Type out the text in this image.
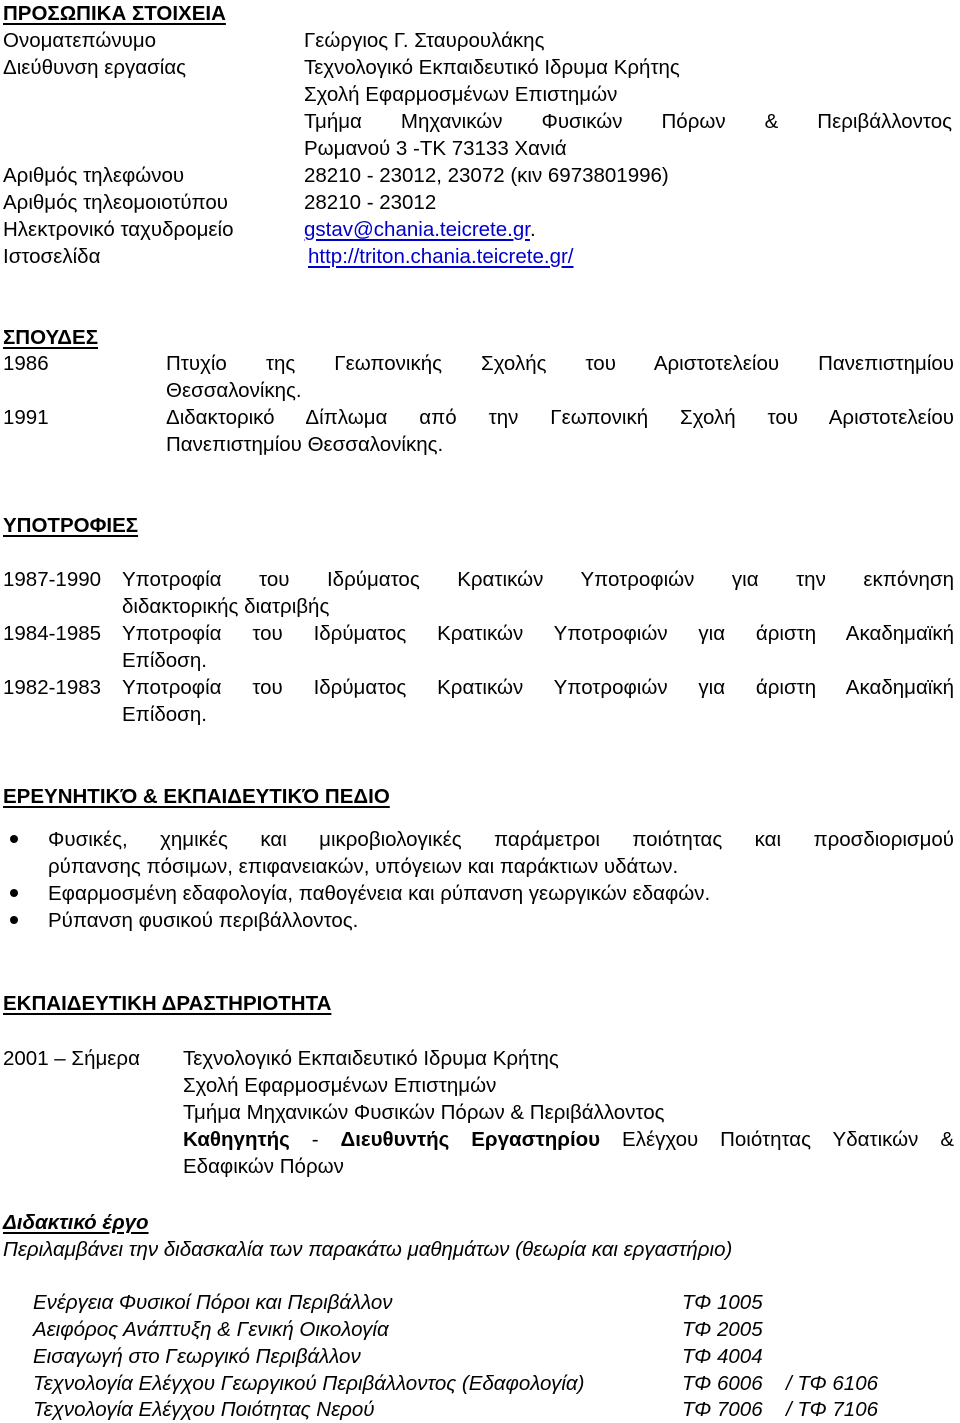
ΠΡΟΣΩΠΙΚΑ ΣΤΟΙΧΕΙΑ
Ονοματεπώνυμο	Γεώργιος Γ. Σταυρουλάκης
Διεύθυνση εργασίας	Τεχνολογικό Εκπαιδευτικό Ιδρυμα Κρήτης
Σχολή Εφαρμοσμένων Επιστημών
Τμήμα Μηχανικών Φυσικών Πόρων & Περιβάλλοντος
Ρωμανού 3 -ΤΚ 73133 Χανιά
Αριθμός τηλεφώνου	28210 - 23012, 23072 (κιν 6973801996)
Αριθμός τηλεομοιοτύπου	28210 - 23012
Ηλεκτρονικό ταχυδρομείο	gstav@chania.teicrete.gr.
Ιστοσελίδα	http://triton.chania.teicrete.gr/
ΣΠΟΥΔΕΣ
1986	Πτυχίο της Γεωπονικής Σχολής του Αριστοτελείου Πανεπιστημίου
Θεσσαλονίκης.
1991	Διδακτορικό Δίπλωμα από την Γεωπονική Σχολή του Αριστοτελείου
Πανεπιστημίου Θεσσαλονίκης.
ΥΠΟΤΡΟΦΙΕΣ
1987-1990 Υποτροφία του Ιδρύματος Κρατικών Υποτροφιών για την εκπόνηση
διδακτορικής διατριβής
1984-1985 Υποτροφία του Ιδρύματος Κρατικών Υποτροφιών για άριστη Ακαδημαϊκή
Επίδοση.
1982-1983 Υποτροφία του Ιδρύματος Κρατικών Υποτροφιών για άριστη Ακαδημαϊκή
Επίδοση.
ΕΡΕΥΝΗΤΙΚΌ & ΕΚΠΑΙΔΕΥΤΙΚΌ ΠΕΔΙΟ
Φυσικές, χημικές και μικροβιολογικές παράμετροι ποιότητας και προσδιορισμού
ρύπανσης πόσιμων, επιφανειακών, υπόγειων και παράκτιων υδάτων.
Εφαρμοσμένη εδαφολογία, παθογένεια και ρύπανση γεωργικών εδαφών.
Ρύπανση φυσικού περιβάλλοντος.
ΕΚΠΑΙΔΕΥΤΙΚΗ ΔΡΑΣΤΗΡΙΟΤΗΤΑ
2001 – Σήμερα Τεχνολογικό Εκπαιδευτικό Ιδρυμα Κρήτης
Σχολή Εφαρμοσμένων Επιστημών
Τμήμα Μηχανικών Φυσικών Πόρων & Περιβάλλοντος
Καθηγητής - Διευθυντής Εργαστηρίου Ελέγχου Ποιότητας Υδατικών &
Εδαφικών Πόρων
Διδακτικό έργο
Περιλαμβάνει την διδασκαλία των παρακάτω μαθημάτων (θεωρία και εργαστήριο)
Ενέργεια Φυσικοί Πόροι και Περιβάλλον	ΤΦ 1005
Αειφόρος Ανάπτυξη & Γενική Οικολογία	ΤΦ 2005
Εισαγωγή στο Γεωργικό Περιβάλλον	ΤΦ 4004
Τεχνολογία Ελέγχου Γεωργικού Περιβάλλοντος (Εδαφολογία)	ΤΦ 6006 / ΤΦ 6106
Τεχνολογία Ελέγχου Ποιότητας Νερού	ΤΦ 7006 / ΤΦ 7106
